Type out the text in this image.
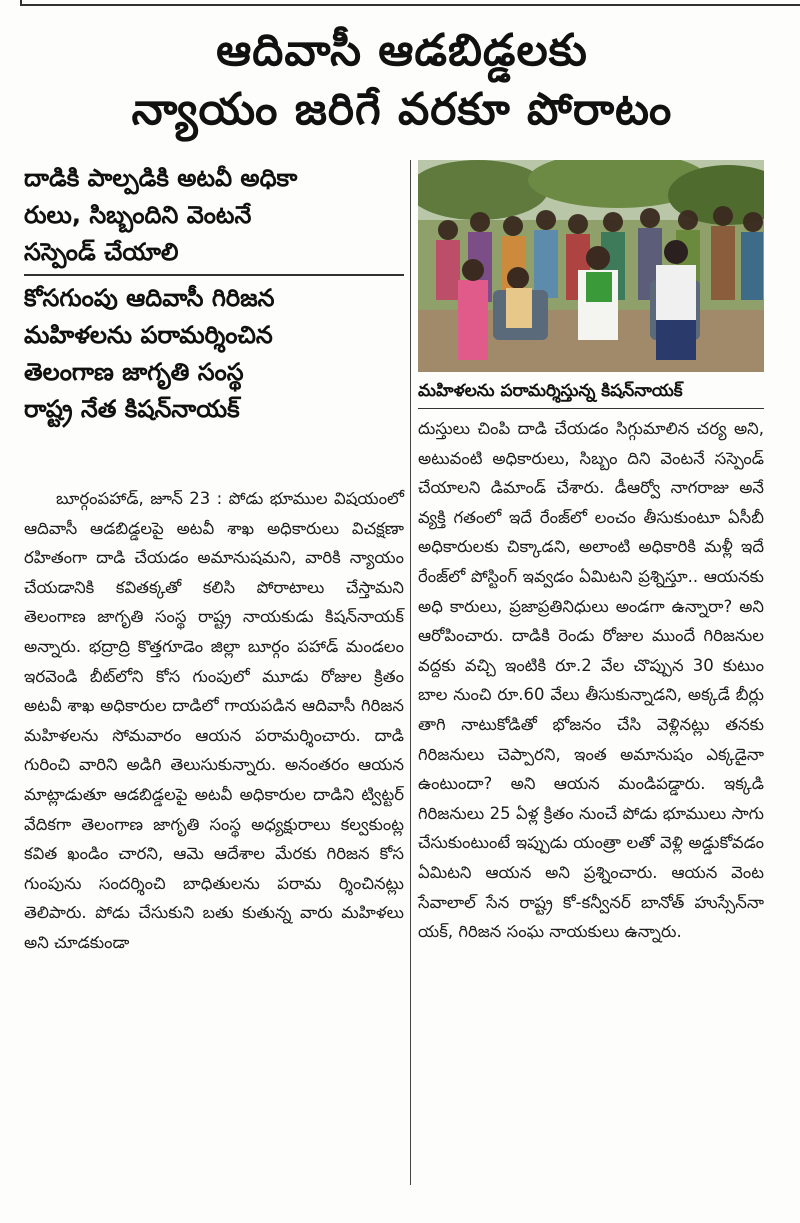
ఆదివాసీ ఆడబిడ్డలకు
న్యాయం జరిగే వరకూ పోరాటం
దాడికి పాల్పడికి అటవీ అధికా
రులు, సిబ్బందిని వెంటనే
సస్పెండ్ చేయాలి
కోసగుంపు ఆదివాసీ గిరిజన
మహిళలను పరామర్శించిన
తెలంగాణ జాగృతి సంస్థ
రాష్ట్ర నేత కిషన్‌నాయక్
బూర్గంపహాడ్, జూన్ 23 : పోడు భూముల విషయంలో ఆదివాసీ ఆడబిడ్డలపై అటవీ శాఖ అధికారులు విచక్షణా రహితంగా దాడి చేయడం అమానుషమని, వారికి న్యాయం చేయడానికి కవితక్కతో కలిసి పోరాటాలు చేస్తామని తెలంగాణ జాగృతి సంస్థ రాష్ట్ర నాయకుడు కిషన్‌నాయక్ అన్నారు. భద్రాద్రి కొత్తగూడెం జిల్లా బూర్గం పహాడ్ మండలం ఇరవెండి బీట్‌లోని కోస గుంపులో మూడు రోజుల క్రితం అటవీ శాఖ అధికారుల దాడిలో గాయపడిన ఆదివాసీ గిరిజన మహిళలను సోమవారం ఆయన పరామర్శించారు. దాడి గురించి వారిని అడిగి తెలుసుకున్నారు. అనంతరం ఆయన మాట్లాడుతూ ఆడబిడ్డలపై అటవీ అధికారుల దాడిని ట్విట్టర్ వేదికగా తెలంగాణ జాగృతి సంస్థ అధ్యక్షురాలు కల్వకుంట్ల కవిత ఖండిం చారని, ఆమె ఆదేశాల మేరకు గిరిజన కోస గుంపును సందర్శించి బాధితులను పరామ ర్శించినట్లు తెలిపారు. పోడు చేసుకుని బతు కుతున్న వారు మహిళలు అని చూడకుండా
మహిళలను పరామర్శిస్తున్న కిషన్‌నాయక్
దుస్తులు చింపి దాడి చేయడం సిగ్గుమాలిన చర్య అని, అటువంటి అధికారులు, సిబ్బం దిని వెంటనే సస్పెండ్ చేయాలని డిమాండ్ చేశారు. డీఆర్వో నాగరాజు అనే వ్యక్తి గతంలో ఇదే రేంజ్‌లో లంచం తీసుకుంటూ ఏసీబీ అధికారులకు చిక్కాడని, అలాంటి అధికారికి మళ్లీ ఇదే రేంజ్‌లో పోస్టింగ్ ఇవ్వడం ఏమిటని ప్రశ్నిస్తూ.. ఆయనకు అధి కారులు, ప్రజాప్రతినిధులు అండగా ఉన్నారా? అని ఆరోపించారు. దాడికి రెండు రోజుల ముందే గిరిజనుల వద్దకు వచ్చి ఇంటికి రూ.2 వేల చొప్పున 30 కుటుం బాల నుంచి రూ.60 వేలు తీసుకున్నాడని, అక్కడే బీర్లు తాగి నాటుకోడితో భోజనం చేసి వెళ్లినట్లు తనకు గిరిజనులు చెప్పారని, ఇంత అమానుషం ఎక్కడైనా ఉంటుందా? అని ఆయన మండిపడ్డారు. ఇక్కడి గిరిజనులు 25 ఏళ్ల క్రితం నుంచే పోడు భూములు సాగు చేసుకుంటుంటే ఇప్పుడు యంత్రా లతో వెళ్లి అడ్డుకోవడం ఏమిటని ఆయన అని ప్రశ్నించారు. ఆయన వెంట సేవాలాల్ సేన రాష్ట్ర కో-కన్వీనర్ బానోత్ హుస్సేన్‌నా యక్, గిరిజన సంఘ నాయకులు ఉన్నారు.
